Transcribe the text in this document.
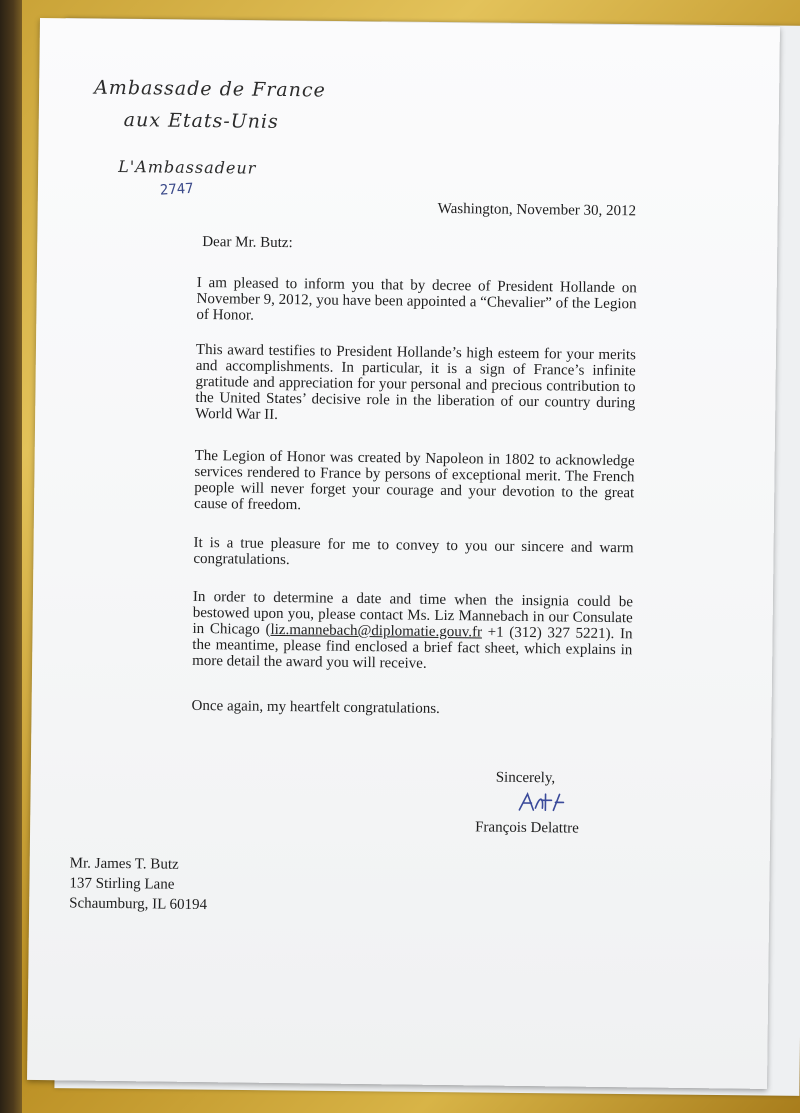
Ambassade de France
aux Etats-Unis
L'Ambassadeur
2747
Washington, November 30, 2012
Dear Mr. Butz:

I am pleased to inform you that by decree of President Hollande on November 9, 2012, you have been appointed a “Chevalier” of the Legion of Honor.

This award testifies to President Hollande’s high esteem for your merits and accomplishments. In particular, it is a sign of France’s infinite gratitude and appreciation for your personal and precious contribution to the United States’ decisive role in the liberation of our country during World War II.

The Legion of Honor was created by Napoleon in 1802 to acknowledge services rendered to France by persons of exceptional merit. The French people will never forget your courage and your devotion to the great cause of freedom.

It is a true pleasure for me to convey to you our sincere and warm congratulations.

In order to determine a date and time when the insignia could be bestowed upon you, please contact Ms. Liz Mannebach in our Consulate in Chicago (liz.mannebach@diplomatie.gouv.fr +1 (312) 327 5221). In the meantime, please find enclosed a brief fact sheet, which explains in more detail the award you will receive.

Once again, my heartfelt congratulations.

Sincerely,
François Delattre
Mr. James T. Butz
137 Stirling Lane
Schaumburg, IL 60194
